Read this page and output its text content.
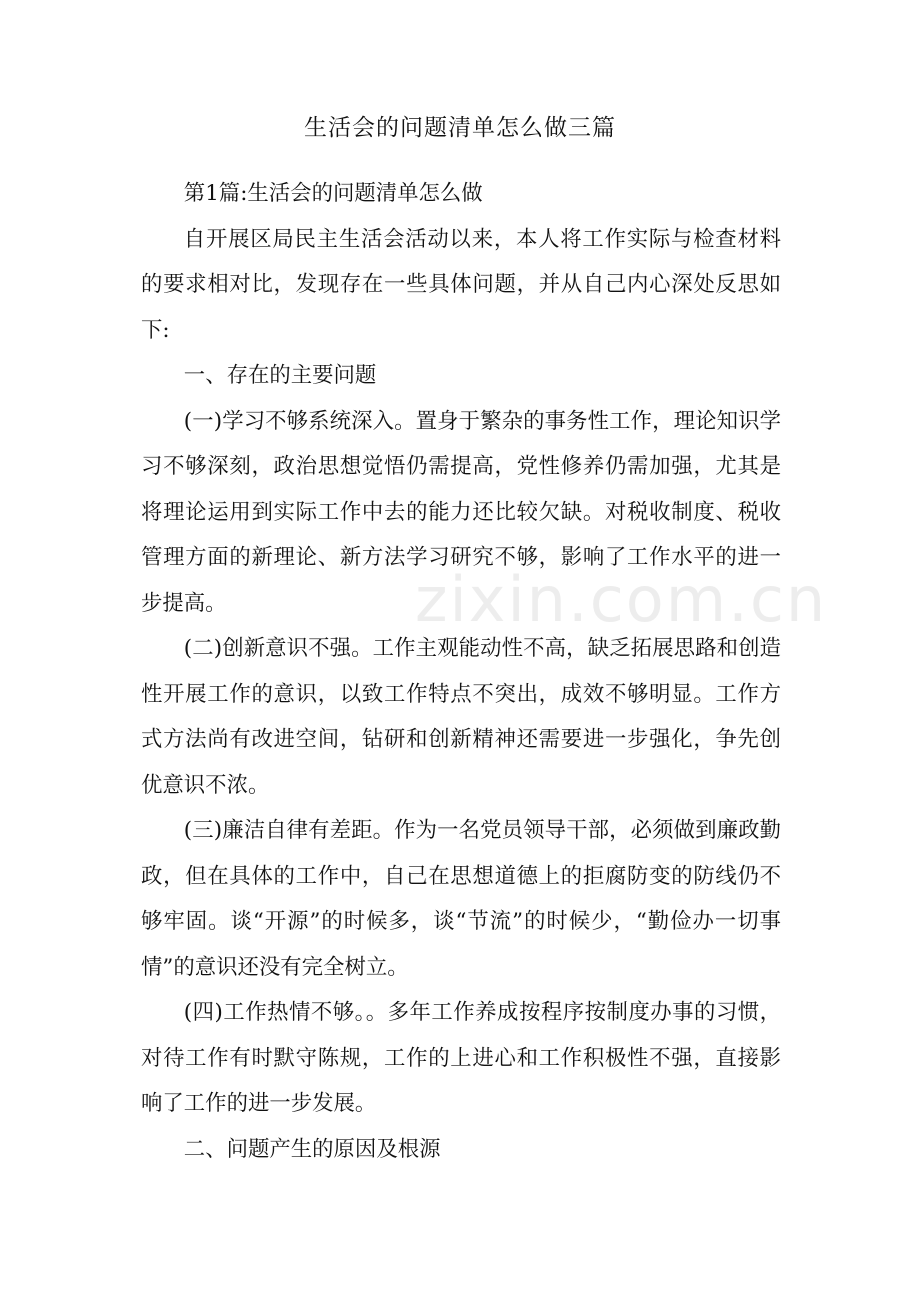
生活会的问题清单怎么做三篇

第1篇:生活会的问题清单怎么做

自开展区局民主生活会活动以来，本人将工作实际与检查材料的要求相对比，发现存在一些具体问题，并从自己内心深处反思如下:

一、存在的主要问题

(一)学习不够系统深入。置身于繁杂的事务性工作，理论知识学习不够深刻，政治思想觉悟仍需提高，党性修养仍需加强，尤其是将理论运用到实际工作中去的能力还比较欠缺。对税收制度、税收管理方面的新理论、新方法学习研究不够，影响了工作水平的进一步提高。

(二)创新意识不强。工作主观能动性不高，缺乏拓展思路和创造性开展工作的意识，以致工作特点不突出，成效不够明显。工作方式方法尚有改进空间，钻研和创新精神还需要进一步强化，争先创优意识不浓。

(三)廉洁自律有差距。作为一名党员领导干部，必须做到廉政勤政，但在具体的工作中，自己在思想道德上的拒腐防变的防线仍不够牢固。谈“开源”的时候多，谈“节流”的时候少，“勤俭办一切事情”的意识还没有完全树立。

(四)工作热情不够。。多年工作养成按程序按制度办事的习惯，对待工作有时默守陈规，工作的上进心和工作积极性不强，直接影响了工作的进一步发展。

二、问题产生的原因及根源

zixin.com.cn
